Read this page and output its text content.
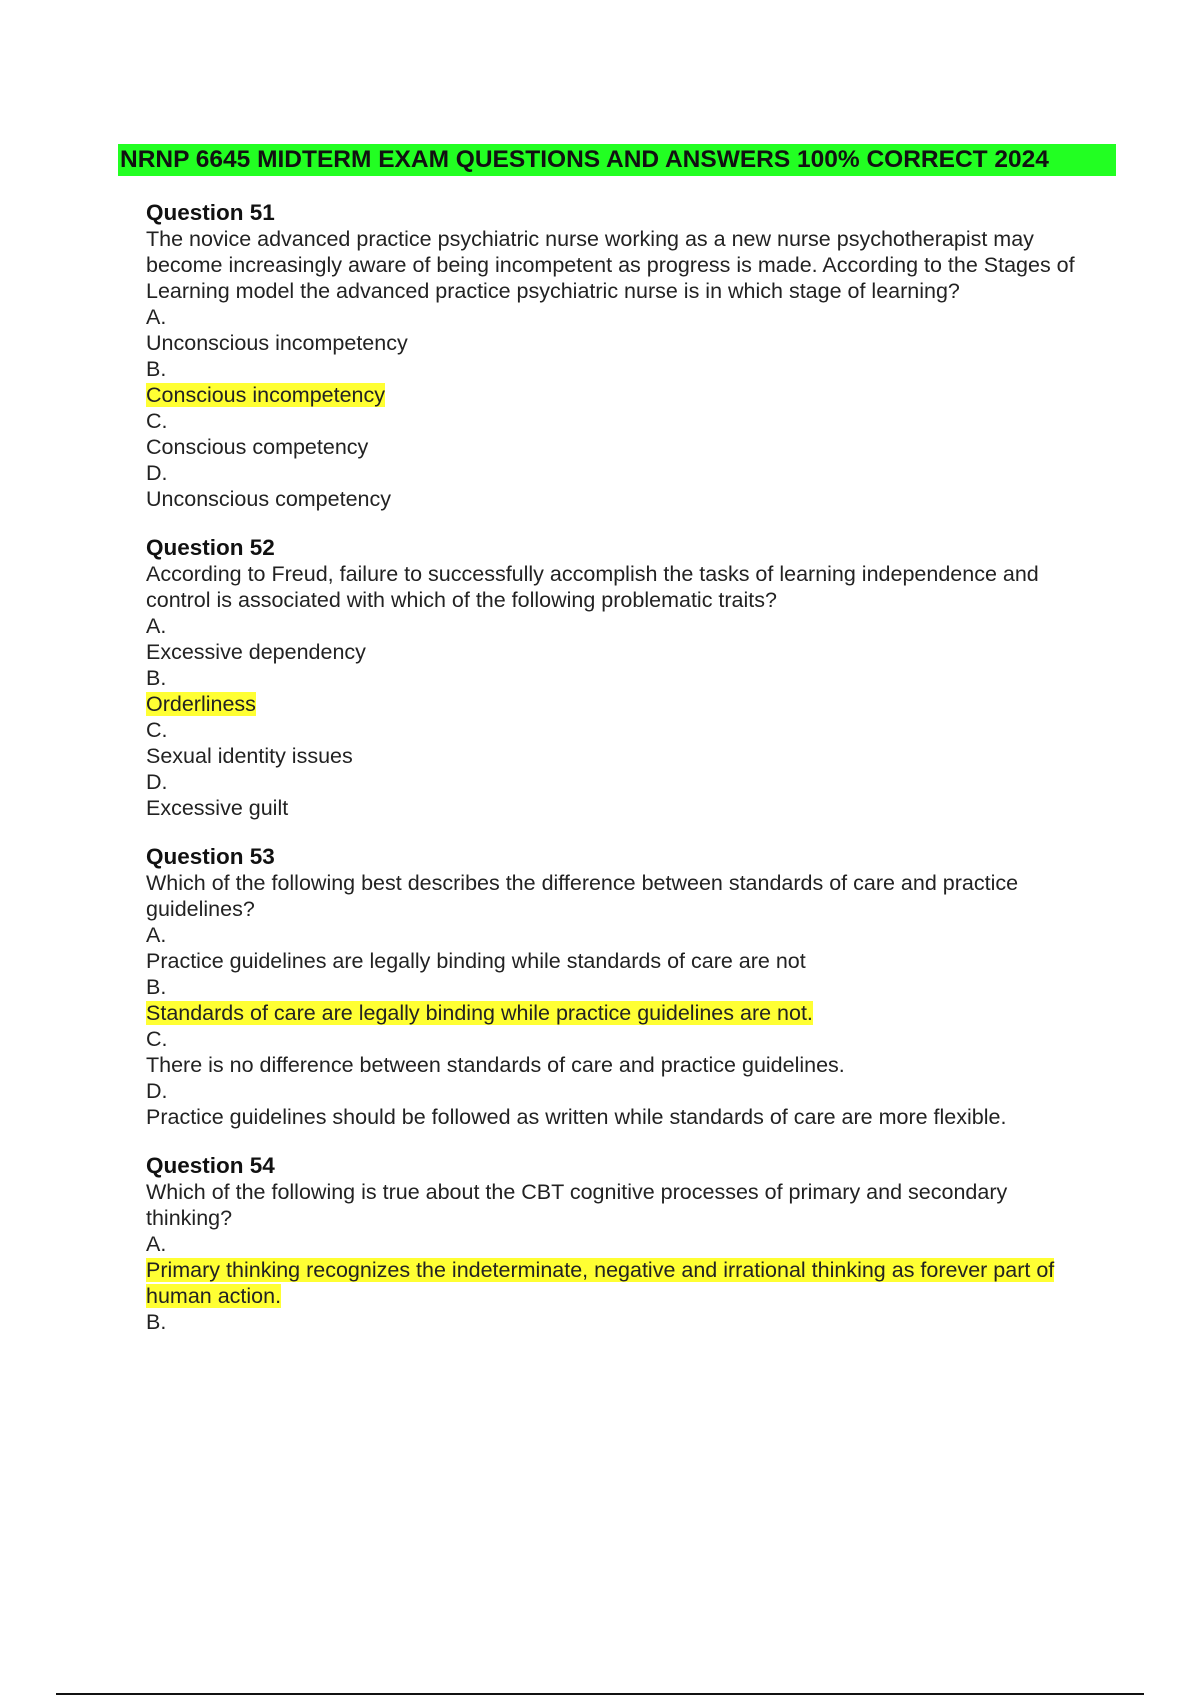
NRNP 6645 MIDTERM EXAM QUESTIONS AND ANSWERS 100% CORRECT 2024
Question 51
The novice advanced practice psychiatric nurse working as a new nurse psychotherapist may become increasingly aware of being incompetent as progress is made. According to the Stages of Learning model the advanced practice psychiatric nurse is in which stage of learning?
A.
Unconscious incompetency
B.
Conscious incompetency
C.
Conscious competency
D.
Unconscious competency
Question 52
According to Freud, failure to successfully accomplish the tasks of learning independence and control is associated with which of the following problematic traits?
A.
Excessive dependency
B.
Orderliness
C.
Sexual identity issues
D.
Excessive guilt
Question 53
Which of the following best describes the difference between standards of care and practice guidelines?
A.
Practice guidelines are legally binding while standards of care are not
B.
Standards of care are legally binding while practice guidelines are not.
C.
There is no difference between standards of care and practice guidelines.
D.
Practice guidelines should be followed as written while standards of care are more flexible.
Question 54
Which of the following is true about the CBT cognitive processes of primary and secondary thinking?
A.
Primary thinking recognizes the indeterminate, negative and irrational thinking as forever part of human action.
B.
